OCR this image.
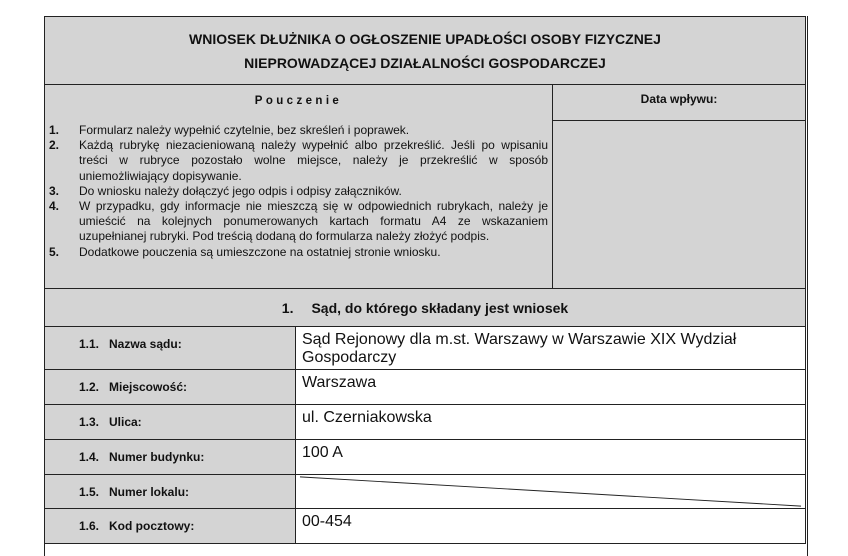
WNIOSEK DŁUŻNIKA O OGŁOSZENIE UPADŁOŚCI OSOBY FIZYCZNEJ
NIEPROWADZĄCEJ DZIAŁALNOŚCI GOSPODARCZEJ
Pouczenie
1.	Formularz należy wypełnić czytelnie, bez skreśleń i poprawek.
2.	Każdą rubrykę niezacieniowaną należy wypełnić albo przekreślić. Jeśli po wpisaniu treści w rubryce pozostało wolne miejsce, należy je przekreślić w sposób uniemożliwiający dopisywanie.
3.	Do wniosku należy dołączyć jego odpis i odpisy załączników.
4.	W przypadku, gdy informacje nie mieszczą się w odpowiednich rubrykach, należy je umieścić na kolejnych ponumerowanych kartach formatu A4 ze wskazaniem uzupełnianej rubryki. Pod treścią dodaną do formularza należy złożyć podpis.
5.	Dodatkowe pouczenia są umieszczone na ostatniej stronie wniosku.
Data wpływu:
1. Sąd, do którego składany jest wniosek
1.1. Nazwa sądu:	Sąd Rejonowy dla m.st. Warszawy w Warszawie XIX Wydział Gospodarczy
1.2. Miejscowość:	Warszawa
1.3. Ulica:	ul. Czerniakowska
1.4. Numer budynku:	100 A
1.5. Numer lokalu:
1.6. Kod pocztowy:	00-454
